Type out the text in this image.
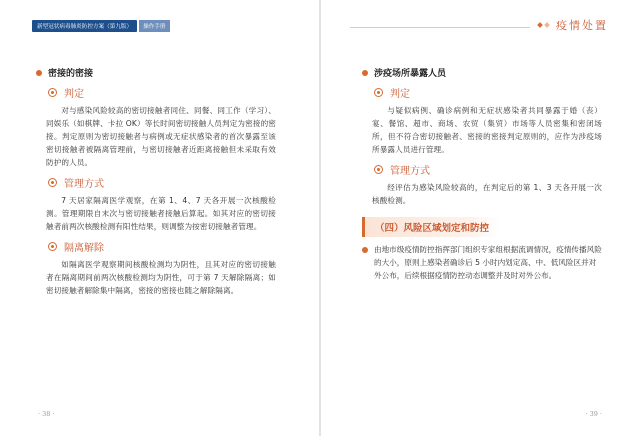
新型冠状病毒肺炎防控方案（第九版）	操作手册
密接的密接
判定
对与感染风险较高的密切接触者同住、同餐、同工作（学习）、同娱乐（如棋牌、卡拉 OK）等长时间密切接触人员判定为密接的密接。判定原则为密切接触者与病例或无症状感染者的首次暴露至该密切接触者被隔离管理前，与密切接触者近距离接触但未采取有效防护的人员。
管理方式
7 天居家隔离医学观察，在第 1、4、7 天各开展一次核酸检测。管理期限自末次与密切接触者接触后算起。如其对应的密切接触者前两次核酸检测有阳性结果，则调整为按密切接触者管理。
隔离解除
如隔离医学观察期间核酸检测均为阴性，且其对应的密切接触者在隔离期间前两次核酸检测均为阴性，可于第 7 天解除隔离；如密切接触者解除集中隔离，密接的密接也随之解除隔离。
· 38 ·
疫情处置
涉疫场所暴露人员
判定
与疑似病例、确诊病例和无症状感染者共同暴露于婚（丧）宴、餐馆、超市、商场、农贸（集贸）市场等人员密集和密闭场所，但不符合密切接触者、密接的密接判定原则的，应作为涉疫场所暴露人员进行管理。
管理方式
经评估为感染风险较高的，在判定后的第 1、3 天各开展一次核酸检测。
（四）风险区域划定和防控
由地市级疫情防控指挥部门组织专家组根据流调情况，疫情传播风险的大小，原则上感染者确诊后 5 小时内划定高、中、低风险区并对外公布，后续根据疫情防控动态调整并及时对外公布。
· 39 ·
